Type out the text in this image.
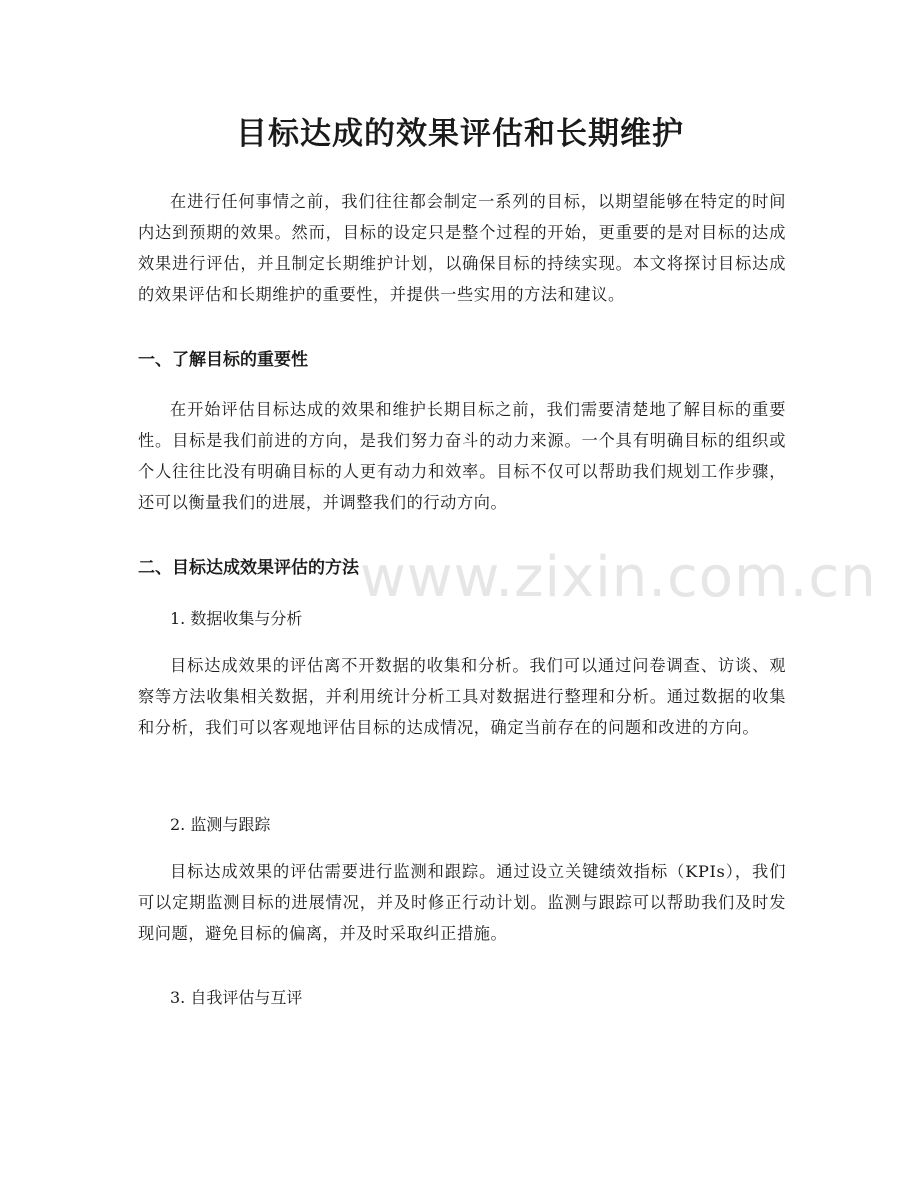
目标达成的效果评估和长期维护

在进行任何事情之前，我们往往都会制定一系列的目标，以期望能够在特定的时间内达到预期的效果。然而，目标的设定只是整个过程的开始，更重要的是对目标的达成效果进行评估，并且制定长期维护计划，以确保目标的持续实现。本文将探讨目标达成的效果评估和长期维护的重要性，并提供一些实用的方法和建议。

一、了解目标的重要性

在开始评估目标达成的效果和维护长期目标之前，我们需要清楚地了解目标的重要性。目标是我们前进的方向，是我们努力奋斗的动力来源。一个具有明确目标的组织或个人往往比没有明确目标的人更有动力和效率。目标不仅可以帮助我们规划工作步骤，还可以衡量我们的进展，并调整我们的行动方向。

二、目标达成效果评估的方法

1. 数据收集与分析

目标达成效果的评估离不开数据的收集和分析。我们可以通过问卷调查、访谈、观察等方法收集相关数据，并利用统计分析工具对数据进行整理和分析。通过数据的收集和分析，我们可以客观地评估目标的达成情况，确定当前存在的问题和改进的方向。

2. 监测与跟踪

目标达成效果的评估需要进行监测和跟踪。通过设立关键绩效指标（KPIs），我们可以定期监测目标的进展情况，并及时修正行动计划。监测与跟踪可以帮助我们及时发现问题，避免目标的偏离，并及时采取纠正措施。

3. 自我评估与互评

www.zixin.com.cn
